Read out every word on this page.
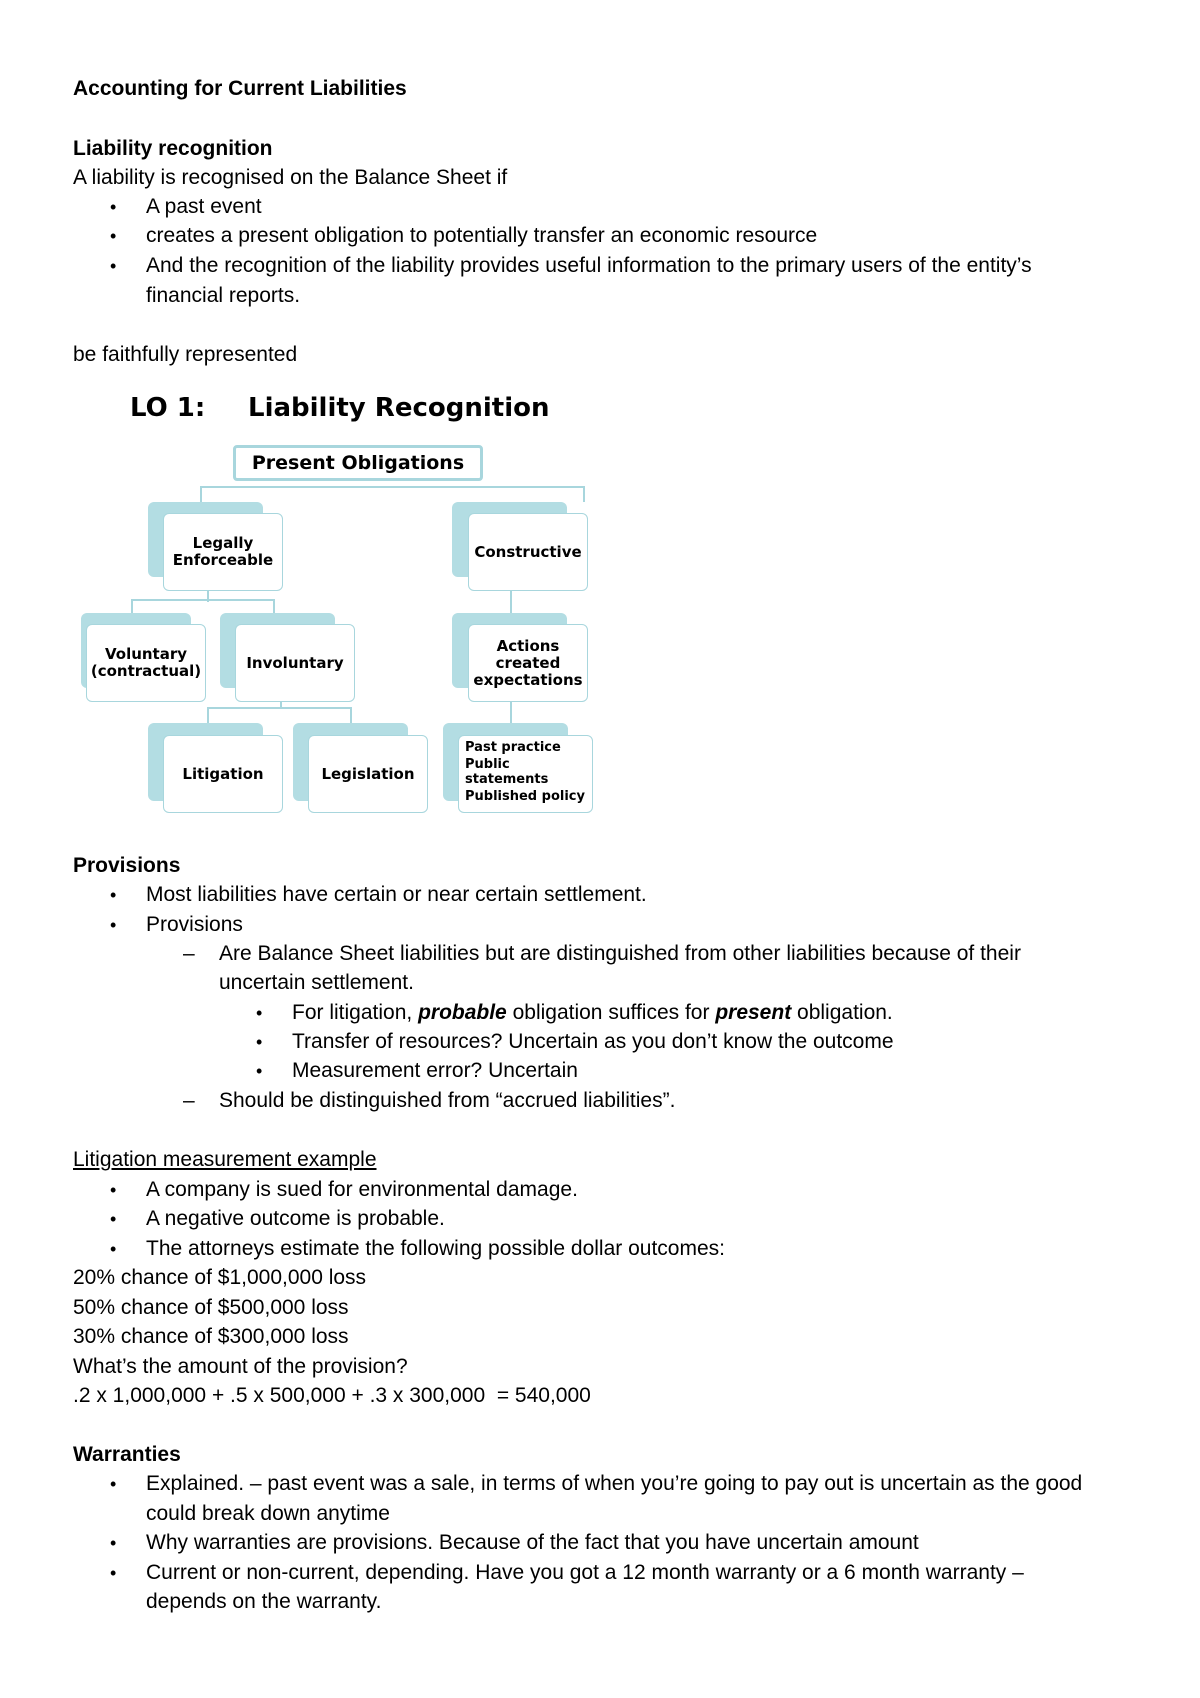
Accounting for Current Liabilities
Liability recognition
A liability is recognised on the Balance Sheet if
• A past event
• creates a present obligation to potentially transfer an economic resource
• And the recognition of the liability provides useful information to the primary users of the entity’s
financial reports.
be faithfully represented
LO 1: Liability Recognition
Present Obligations
Legally
Enforceable	Constructive
Voluntary
(contractual)	Involuntary
Actions
created
expectations
Litigation	Legislation
Past practice
Public
statements
Published policy
Provisions
• Most liabilities have certain or near certain settlement.
• Provisions
– Are Balance Sheet liabilities but are distinguished from other liabilities because of their
uncertain settlement.
• For litigation, probable obligation suffices for present obligation.
• Transfer of resources? Uncertain as you don’t know the outcome
• Measurement error? Uncertain
– Should be distinguished from “accrued liabilities”.
Litigation measurement example
• A company is sued for environmental damage.
• A negative outcome is probable.
• The attorneys estimate the following possible dollar outcomes:
20% chance of $1,000,000 loss
50% chance of $500,000 loss
30% chance of $300,000 loss
What’s the amount of the provision?
.2 x 1,000,000 + .5 x 500,000 + .3 x 300,000  = 540,000
Warranties
• Explained. – past event was a sale, in terms of when you’re going to pay out is uncertain as the good
could break down anytime
• Why warranties are provisions. Because of the fact that you have uncertain amount
• Current or non-current, depending. Have you got a 12 month warranty or a 6 month warranty –
depends on the warranty.
